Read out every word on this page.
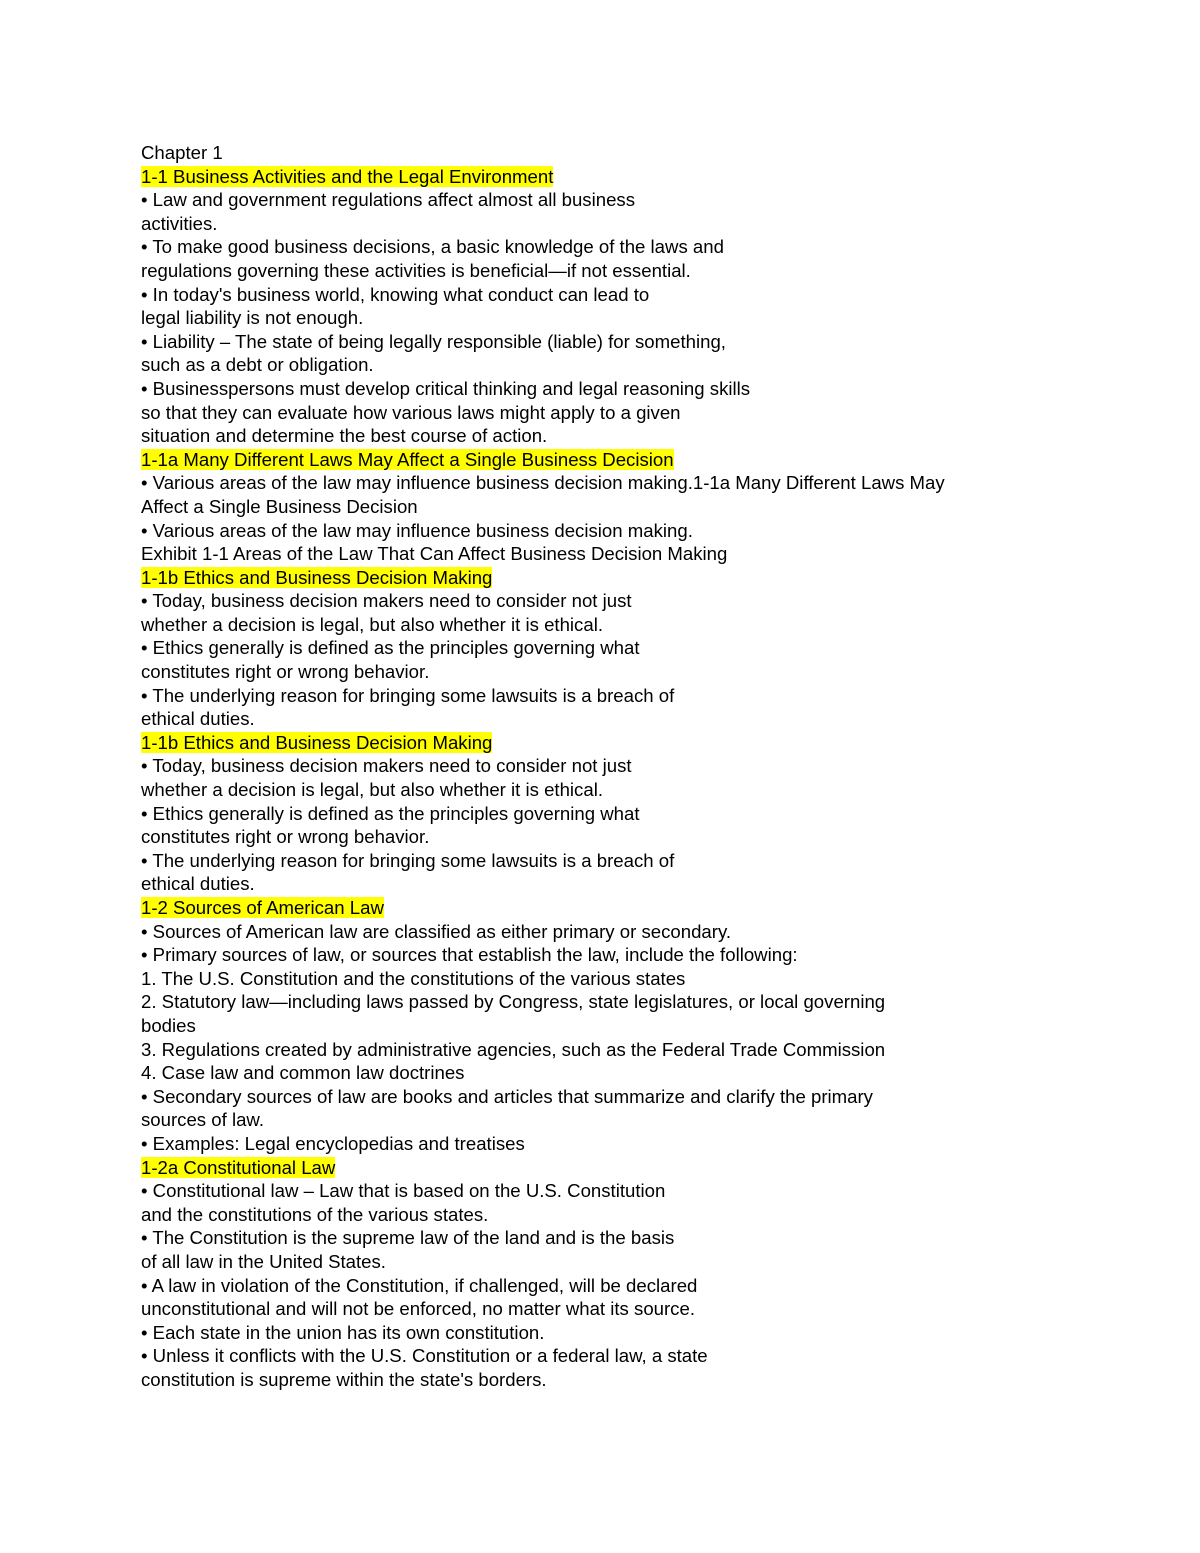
Chapter 1
1-1 Business Activities and the Legal Environment
• Law and government regulations affect almost all business
activities.
• To make good business decisions, a basic knowledge of the laws and
regulations governing these activities is beneficial—if not essential.
• In today's business world, knowing what conduct can lead to
legal liability is not enough.
• Liability – The state of being legally responsible (liable) for something,
such as a debt or obligation.
• Businesspersons must develop critical thinking and legal reasoning skills
so that they can evaluate how various laws might apply to a given
situation and determine the best course of action.
1-1a Many Different Laws May Affect a Single Business Decision
• Various areas of the law may influence business decision making.1-1a Many Different Laws May
Affect a Single Business Decision
• Various areas of the law may influence business decision making.
Exhibit 1-1 Areas of the Law That Can Affect Business Decision Making
1-1b Ethics and Business Decision Making
• Today, business decision makers need to consider not just
whether a decision is legal, but also whether it is ethical.
• Ethics generally is defined as the principles governing what
constitutes right or wrong behavior.
• The underlying reason for bringing some lawsuits is a breach of
ethical duties.
1-1b Ethics and Business Decision Making
• Today, business decision makers need to consider not just
whether a decision is legal, but also whether it is ethical.
• Ethics generally is defined as the principles governing what
constitutes right or wrong behavior.
• The underlying reason for bringing some lawsuits is a breach of
ethical duties.
1-2 Sources of American Law
• Sources of American law are classified as either primary or secondary.
• Primary sources of law, or sources that establish the law, include the following:
1. The U.S. Constitution and the constitutions of the various states
2. Statutory law—including laws passed by Congress, state legislatures, or local governing
bodies
3. Regulations created by administrative agencies, such as the Federal Trade Commission
4. Case law and common law doctrines
• Secondary sources of law are books and articles that summarize and clarify the primary
sources of law.
• Examples: Legal encyclopedias and treatises
1-2a Constitutional Law
• Constitutional law – Law that is based on the U.S. Constitution
and the constitutions of the various states.
• The Constitution is the supreme law of the land and is the basis
of all law in the United States.
• A law in violation of the Constitution, if challenged, will be declared
unconstitutional and will not be enforced, no matter what its source.
• Each state in the union has its own constitution.
• Unless it conflicts with the U.S. Constitution or a federal law, a state
constitution is supreme within the state's borders.
